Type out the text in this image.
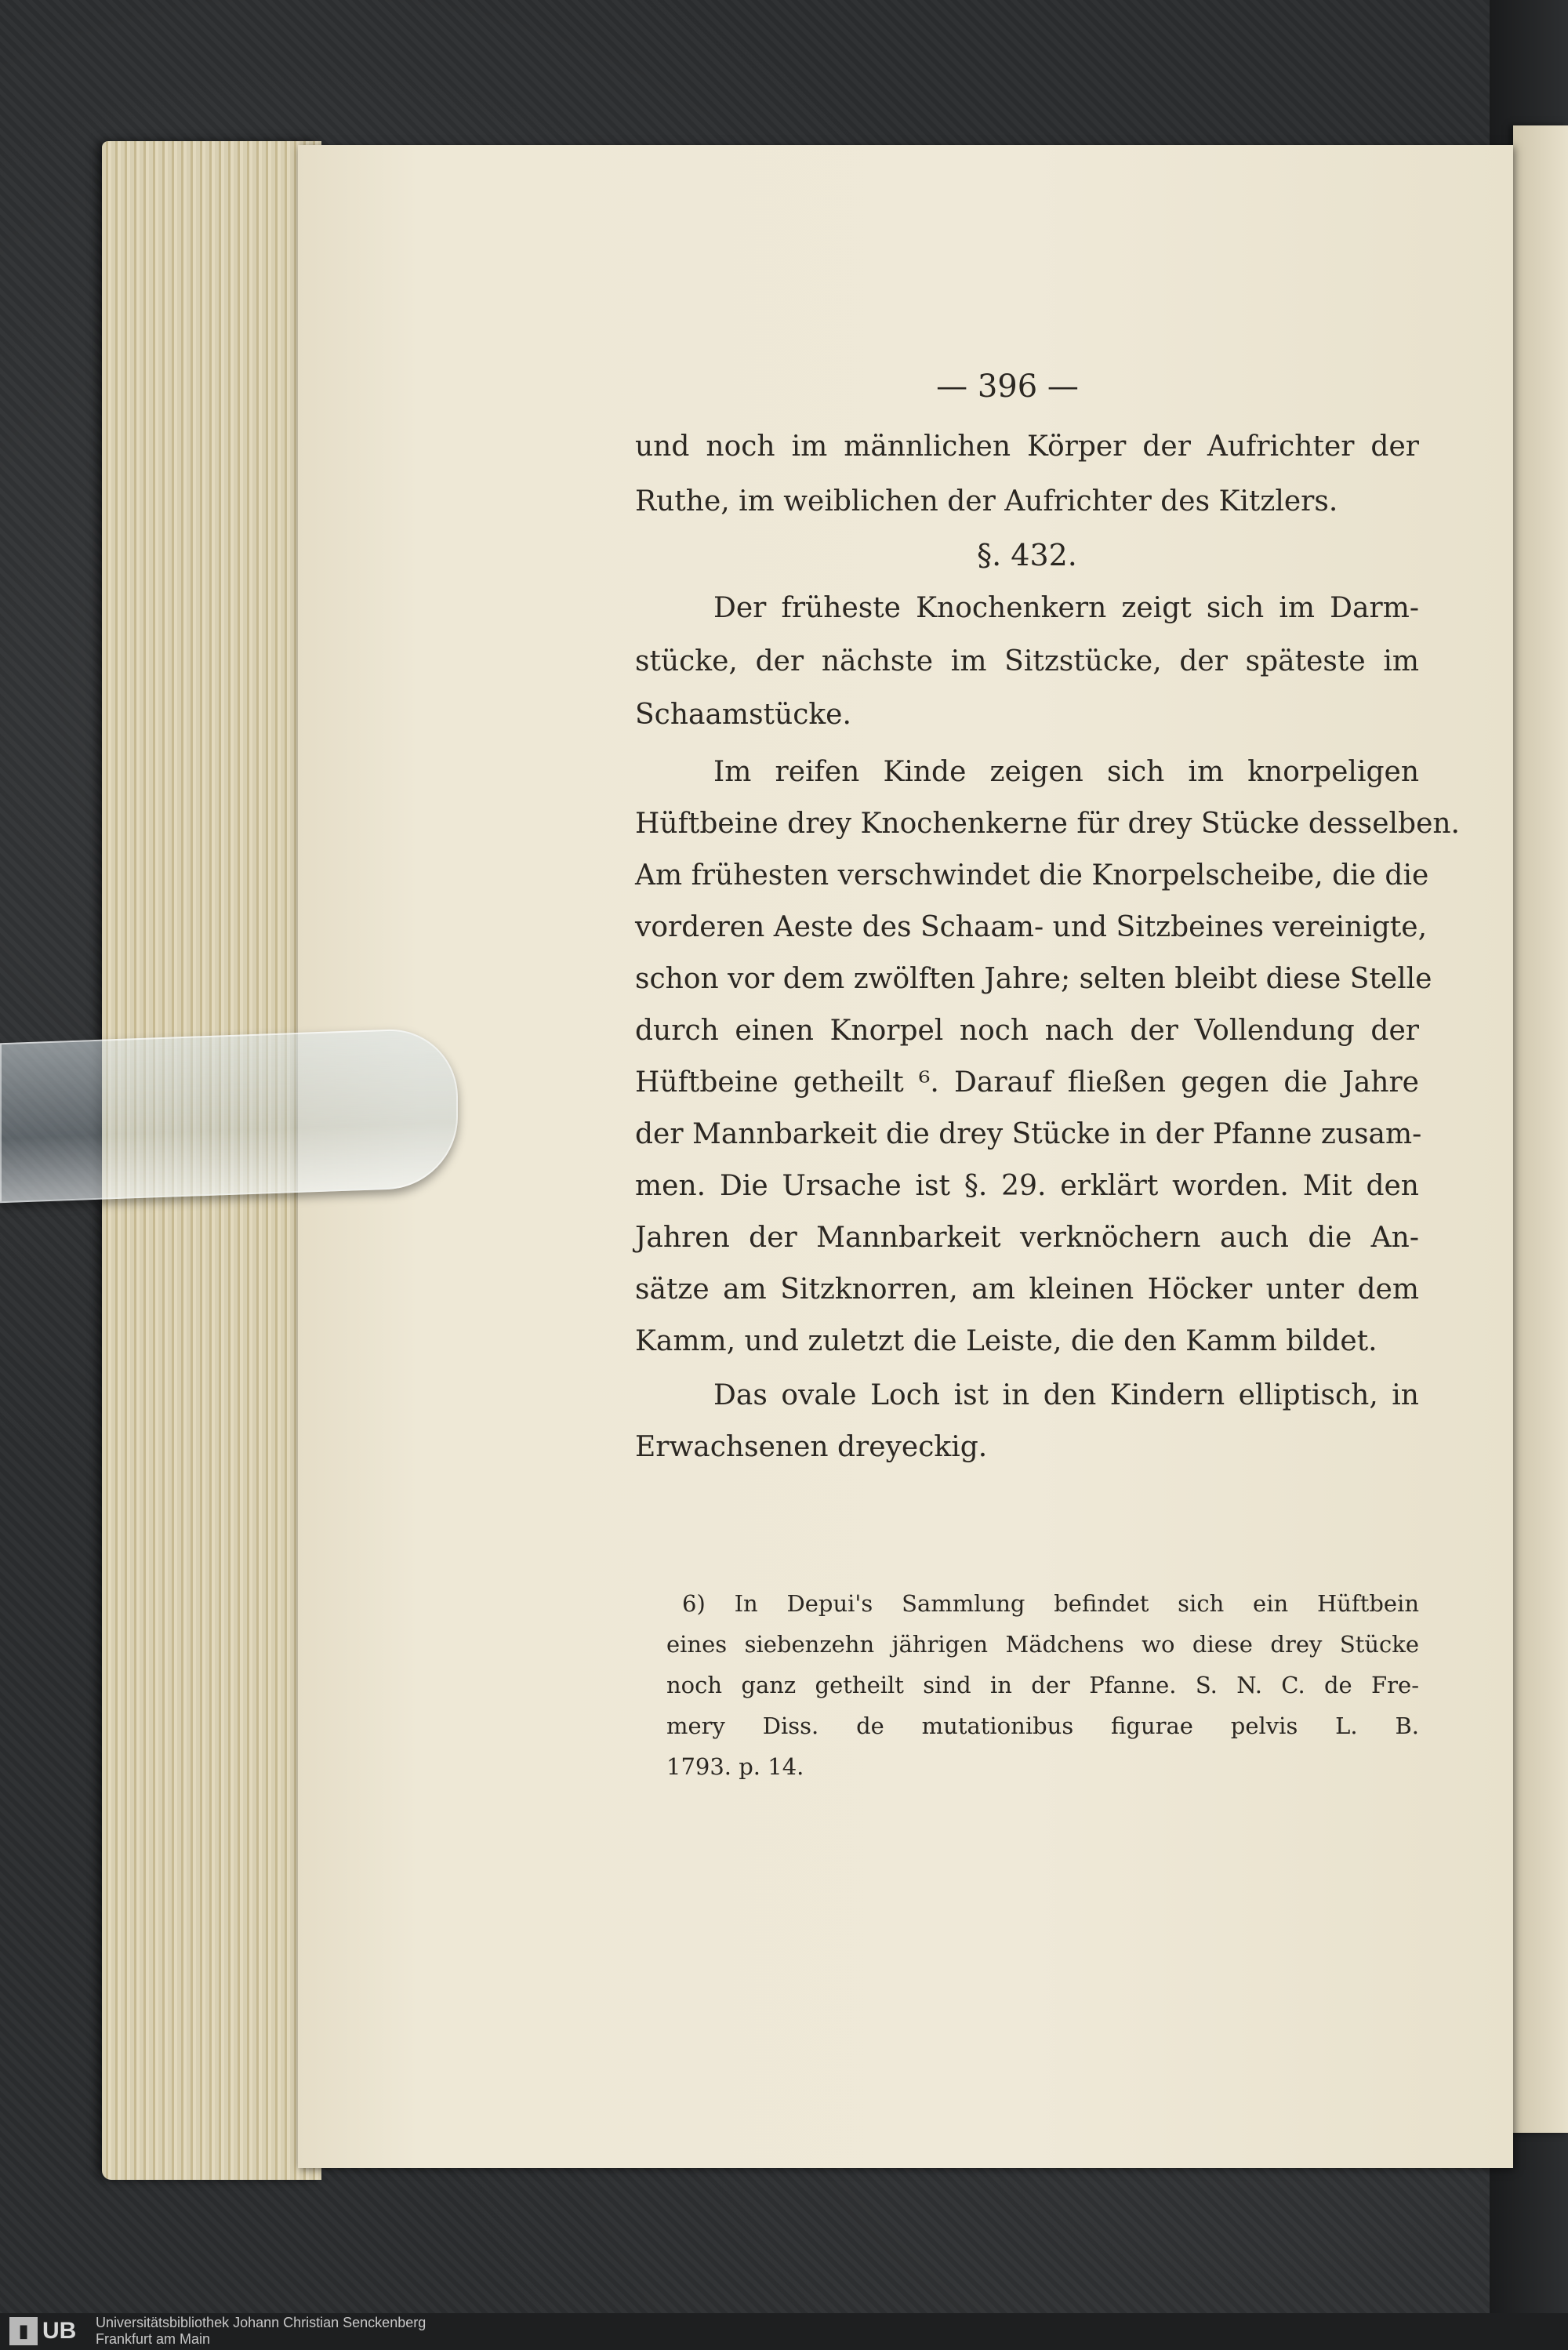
— 396 —
und noch im männlichen Körper der Aufrichter der
Ruthe, im weiblichen der Aufrichter des Kitzlers.
§. 432.
Der früheste Knochenkern zeigt sich im Darm-
stücke, der nächste im Sitzstücke, der späteste im
Schaamstücke.
Im reifen Kinde zeigen sich im knorpeligen
Hüftbeine drey Knochenkerne für drey Stücke desselben.
Am frühesten verschwindet die Knorpelscheibe, die die
vorderen Aeste des Schaam- und Sitzbeines vereinigte,
schon vor dem zwölften Jahre; selten bleibt diese Stelle
durch einen Knorpel noch nach der Vollendung der
Hüftbeine getheilt ⁶. Darauf fließen gegen die Jahre
der Mannbarkeit die drey Stücke in der Pfanne zusam-
men. Die Ursache ist §. 29. erklärt worden. Mit den
Jahren der Mannbarkeit verknöchern auch die An-
sätze am Sitzknorren, am kleinen Höcker unter dem
Kamm, und zuletzt die Leiste, die den Kamm bildet.
Das ovale Loch ist in den Kindern elliptisch, in
Erwachsenen dreyeckig.
6) In Depui's Sammlung befindet sich ein Hüftbein
eines siebenzehn jährigen Mädchens wo diese drey Stücke
noch ganz getheilt sind in der Pfanne. S. N. C. de Fre-
mery Diss. de mutationibus figurae pelvis L. B.
1793. p. 14.
▮ UB Universitätsbibliothek Johann Christian Senckenberg
Frankfurt am Main
